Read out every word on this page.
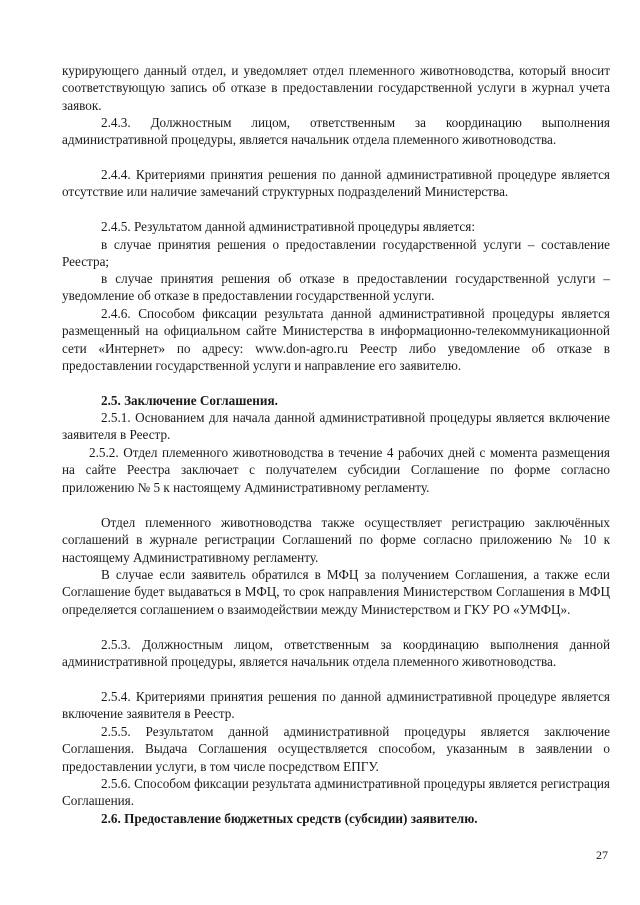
курирующего данный отдел, и уведомляет отдел племенного животноводства, который вносит соответствующую запись об отказе в предоставлении государственной услуги в журнал учета заявок.
2.4.3. Должностным лицом, ответственным за координацию выполнения административной процедуры, является начальник отдела племенного животноводства.
2.4.4. Критериями принятия решения по данной административной процедуре является отсутствие или наличие замечаний структурных подразделений Министерства.
2.4.5. Результатом данной административной процедуры является:
в случае принятия решения о предоставлении государственной услуги – составление Реестра;
в случае принятия решения об отказе в предоставлении государственной услуги – уведомление об отказе в предоставлении государственной услуги.
2.4.6. Способом фиксации результата данной административной процедуры является размещенный на официальном сайте Министерства в информационно-телекоммуникационной сети «Интернет» по адресу: www.don-agro.ru Реестр либо уведомление об отказе в предоставлении государственной услуги и направление его заявителю.
2.5. Заключение Соглашения.
2.5.1. Основанием для начала данной административной процедуры является включение заявителя в Реестр.
2.5.2. Отдел племенного животноводства в течение 4 рабочих дней с момента размещения на сайте Реестра заключает с получателем субсидии Соглашение по форме согласно приложению № 5 к настоящему Административному регламенту.
Отдел племенного животноводства также осуществляет регистрацию заключённых соглашений в журнале регистрации Соглашений по форме согласно приложению № 10 к настоящему Административному регламенту.
В случае если заявитель обратился в МФЦ за получением Соглашения, а также если Соглашение будет выдаваться в МФЦ, то срок направления Министерством Соглашения в МФЦ определяется соглашением о взаимодействии между Министерством и ГКУ РО «УМФЦ».
2.5.3. Должностным лицом, ответственным за координацию выполнения данной административной процедуры, является начальник отдела племенного животноводства.
2.5.4. Критериями принятия решения по данной административной процедуре является включение заявителя в Реестр.
2.5.5. Результатом данной административной процедуры является заключение Соглашения. Выдача Соглашения осуществляется способом, указанным в заявлении о предоставлении услуги, в том числе посредством ЕПГУ.
2.5.6. Способом фиксации результата административной процедуры является регистрация Соглашения.
2.6. Предоставление бюджетных средств (субсидии) заявителю.
27
